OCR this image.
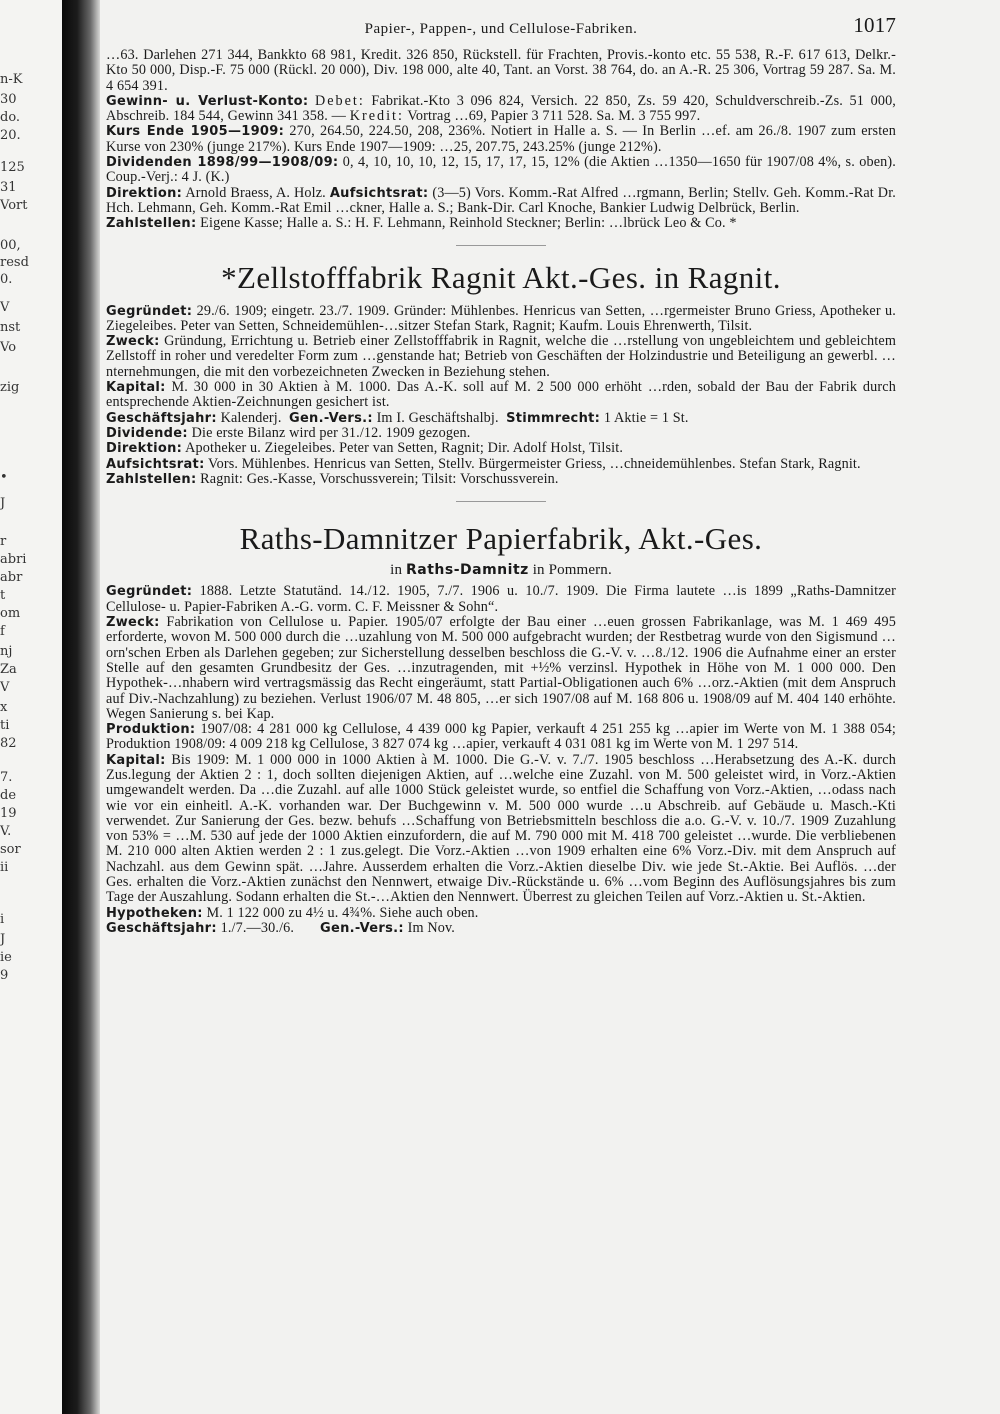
n-K
30
do.
20.
125
31
Vort
00,
resd
0.
V
nst
Vo
zig
•
J
r
abri
abr
t
om
f
nj
Za
V
x
ti
82
7.
de
19
V.
sor
ii
i
J
ie
9
Papier-, Pappen-, und Cellulose-Fabriken.	1017

…63. Darlehen 271 344, Bankkto 68 981, Kredit. 326 850, Rückstell. für Frachten, Provis.-konto etc. 55 538, R.-F. 617 613, Delkr.-Kto 50 000, Disp.-F. 75 000 (Rückl. 20 000), Div. 198 000, alte 40, Tant. an Vorst. 38 764, do. an A.-R. 25 306, Vortrag 59 287. Sa. M. 4 654 391.

Gewinn- u. Verlust-Konto: Debet: Fabrikat.-Kto 3 096 824, Versich. 22 850, Zs. 59 420, Schuldverschreib.-Zs. 51 000, Abschreib. 184 544, Gewinn 341 358. — Kredit: Vortrag …69, Papier 3 711 528. Sa. M. 3 755 997.

Kurs Ende 1905—1909: 270, 264.50, 224.50, 208, 236%. Notiert in Halle a. S. — In Berlin …ef. am 26./8. 1907 zum ersten Kurse von 230% (junge 217%). Kurs Ende 1907—1909: …25, 207.75, 243.25% (junge 212%).

Dividenden 1898/99—1908/09: 0, 4, 10, 10, 10, 12, 15, 17, 17, 15, 12% (die Aktien …1350—1650 für 1907/08 4%, s. oben). Coup.-Verj.: 4 J. (K.)

Direktion: Arnold Braess, A. Holz. Aufsichtsrat: (3—5) Vors. Komm.-Rat Alfred …rgmann, Berlin; Stellv. Geh. Komm.-Rat Dr. Hch. Lehmann, Geh. Komm.-Rat Emil …ckner, Halle a. S.; Bank-Dir. Carl Knoche, Bankier Ludwig Delbrück, Berlin.

Zahlstellen: Eigene Kasse; Halle a. S.: H. F. Lehmann, Reinhold Steckner; Berlin: …lbrück Leo & Co. *

*Zellstofffabrik Ragnit Akt.-Ges. in Ragnit.

Gegründet: 29./6. 1909; eingetr. 23./7. 1909. Gründer: Mühlenbes. Henricus van Setten, …rgermeister Bruno Griess, Apotheker u. Ziegeleibes. Peter van Setten, Schneidemühlen-…sitzer Stefan Stark, Ragnit; Kaufm. Louis Ehrenwerth, Tilsit.

Zweck: Gründung, Errichtung u. Betrieb einer Zellstofffabrik in Ragnit, welche die …rstellung von ungebleichtem und gebleichtem Zellstoff in roher und veredelter Form zum …genstande hat; Betrieb von Geschäften der Holzindustrie und Beteiligung an gewerbl. …nternehmungen, die mit den vorbezeichneten Zwecken in Beziehung stehen.

Kapital: M. 30 000 in 30 Aktien à M. 1000. Das A.-K. soll auf M. 2 500 000 erhöht …rden, sobald der Bau der Fabrik durch entsprechende Aktien-Zeichnungen gesichert ist.

Geschäftsjahr: Kalenderj. Gen.-Vers.: Im I. Geschäftshalbj. Stimmrecht: 1 Aktie = 1 St.

Dividende: Die erste Bilanz wird per 31./12. 1909 gezogen.

Direktion: Apotheker u. Ziegeleibes. Peter van Setten, Ragnit; Dir. Adolf Holst, Tilsit.

Aufsichtsrat: Vors. Mühlenbes. Henricus van Setten, Stellv. Bürgermeister Griess, …chneidemühlenbes. Stefan Stark, Ragnit.

Zahlstellen: Ragnit: Ges.-Kasse, Vorschussverein; Tilsit: Vorschussverein.

Raths-Damnitzer Papierfabrik, Akt.-Ges.
in Raths-Damnitz in Pommern.

Gegründet: 1888. Letzte Statutänd. 14./12. 1905, 7./7. 1906 u. 10./7. 1909. Die Firma lautete …is 1899 „Raths-Damnitzer Cellulose- u. Papier-Fabriken A.-G. vorm. C. F. Meissner & Sohn“.

Zweck: Fabrikation von Cellulose u. Papier. 1905/07 erfolgte der Bau einer …euen grossen Fabrikanlage, was M. 1 469 495 erforderte, wovon M. 500 000 durch die …uzahlung von M. 500 000 aufgebracht wurden; der Restbetrag wurde von den Sigismund …orn'schen Erben als Darlehen gegeben; zur Sicherstellung desselben beschloss die G.-V. v. …8./12. 1906 die Aufnahme einer an erster Stelle auf den gesamten Grundbesitz der Ges. …inzutragenden, mit +½% verzinsl. Hypothek in Höhe von M. 1 000 000. Den Hypothek-…nhabern wird vertragsmässig das Recht eingeräumt, statt Partial-Obligationen auch 6% …orz.-Aktien (mit dem Anspruch auf Div.-Nachzahlung) zu beziehen. Verlust 1906/07 M. 48 805, …er sich 1907/08 auf M. 168 806 u. 1908/09 auf M. 404 140 erhöhte. Wegen Sanierung s. bei Kap.

Produktion: 1907/08: 4 281 000 kg Cellulose, 4 439 000 kg Papier, verkauft 4 251 255 kg …apier im Werte von M. 1 388 054; Produktion 1908/09: 4 009 218 kg Cellulose, 3 827 074 kg …apier, verkauft 4 031 081 kg im Werte von M. 1 297 514.

Kapital: Bis 1909: M. 1 000 000 in 1000 Aktien à M. 1000. Die G.-V. v. 7./7. 1905 beschloss …Herabsetzung des A.-K. durch Zus.legung der Aktien 2 : 1, doch sollten diejenigen Aktien, auf …welche eine Zuzahl. von M. 500 geleistet wird, in Vorz.-Aktien umgewandelt werden. Da …die Zuzahl. auf alle 1000 Stück geleistet wurde, so entfiel die Schaffung von Vorz.-Aktien, …odass nach wie vor ein einheitl. A.-K. vorhanden war. Der Buchgewinn v. M. 500 000 wurde …u Abschreib. auf Gebäude u. Masch.-Kti verwendet. Zur Sanierung der Ges. bezw. behufs …Schaffung von Betriebsmitteln beschloss die a.o. G.-V. v. 10./7. 1909 Zuzahlung von 53% = …M. 530 auf jede der 1000 Aktien einzufordern, die auf M. 790 000 mit M. 418 700 geleistet …wurde. Die verbliebenen M. 210 000 alten Aktien werden 2 : 1 zus.gelegt. Die Vorz.-Aktien …von 1909 erhalten eine 6% Vorz.-Div. mit dem Anspruch auf Nachzahl. aus dem Gewinn spät. …Jahre. Ausserdem erhalten die Vorz.-Aktien dieselbe Div. wie jede St.-Aktie. Bei Auflös. …der Ges. erhalten die Vorz.-Aktien zunächst den Nennwert, etwaige Div.-Rückstände u. 6% …vom Beginn des Auflösungsjahres bis zum Tage der Auszahlung. Sodann erhalten die St.-…Aktien den Nennwert. Überrest zu gleichen Teilen auf Vorz.-Aktien u. St.-Aktien.

Hypotheken: M. 1 122 000 zu 4½ u. 4¾%. Siehe auch oben.

Geschäftsjahr: 1./7.—30./6. Gen.-Vers.: Im Nov.
